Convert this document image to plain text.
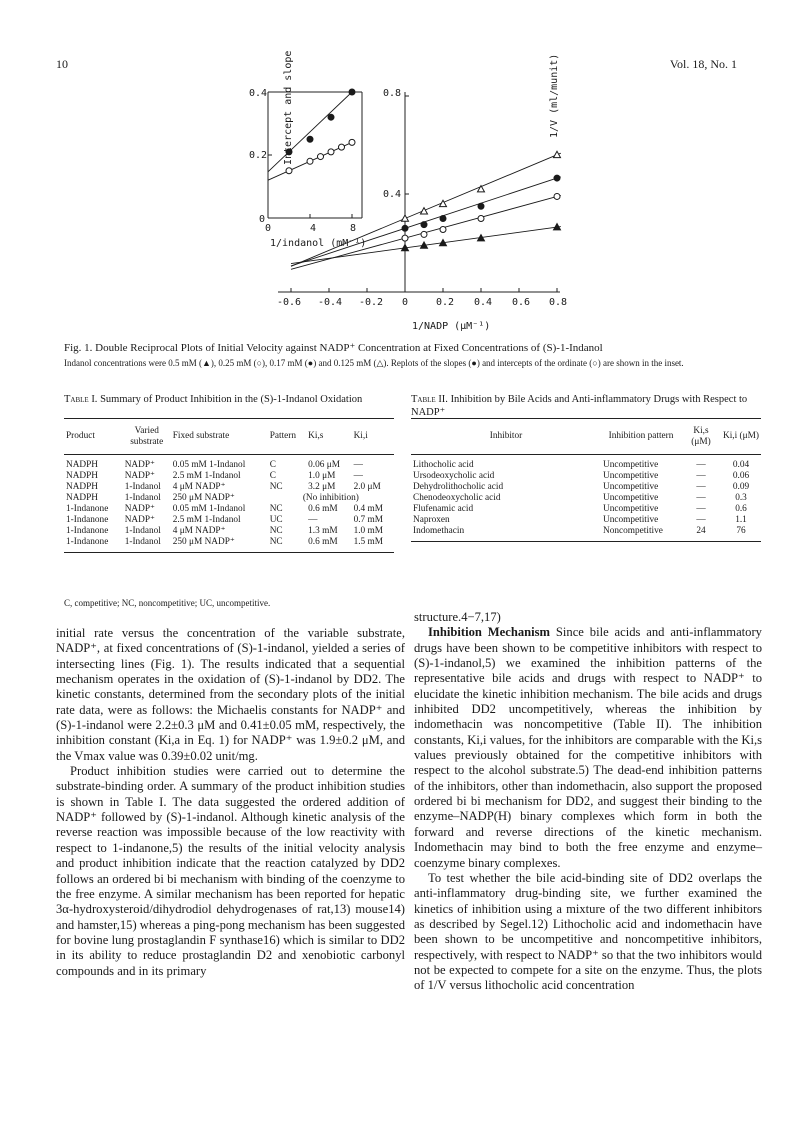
10	Vol. 18, No. 1
Intercept and slope
0.4
0.2
0
0	4	8
1/indanol (mM⁻¹)
1/V (ml/munit)
0.8
0.4
-0.6 -0.4 -0.2 0	0.2 0.4 0.6 0.8
1/NADP (μM⁻¹)
Fig. 1. Double Reciprocal Plots of Initial Velocity against NADP⁺ Concentration at Fixed Concentrations of (S)-1-Indanol
Indanol concentrations were 0.5 mM (▲), 0.25 mM (○), 0.17 mM (●) and 0.125 mM (△). Replots of the slopes (●) and intercepts of the ordinate (○) are shown in the inset.
Table I. Summary of Product Inhibition in the (S)-1-Indanol Oxidation
Product	Varied substrate	Fixed substrate	Pattern	Ki,s	Ki,i
NADPH	NADP⁺	0.05 mM 1-Indanol	C	0.06 μM	—
NADPH	NADP⁺	2.5 mM 1-Indanol	C	1.0 μM	—
NADPH	1-Indanol	4 μM NADP⁺	NC	3.2 μM	2.0 μM
NADPH	1-Indanol	250 μM NADP⁺	(No inhibition)		
1-Indanone	NADP⁺	0.05 mM 1-Indanol	NC	0.6 mM	0.4 mM
1-Indanone	NADP⁺	2.5 mM 1-Indanol	UC	—	0.7 mM
1-Indanone	1-Indanol	4 μM NADP⁺	NC	1.3 mM	1.0 mM
1-Indanone	1-Indanol	250 μM NADP⁺	NC	0.6 mM	1.5 mM
C, competitive; NC, noncompetitive; UC, uncompetitive.
Table II. Inhibition by Bile Acids and Anti-inflammatory Drugs with Respect to NADP⁺
Inhibitor	Inhibition pattern	Ki,s (μM)	Ki,i (μM)
Lithocholic acid	Uncompetitive	—	0.04
Ursodeoxycholic acid	Uncompetitive	—	0.06
Dehydrolithocholic acid	Uncompetitive	—	0.09
Chenodeoxycholic acid	Uncompetitive	—	0.3
Flufenamic acid	Uncompetitive	—	0.6
Naproxen	Uncompetitive	—	1.1
Indomethacin	Noncompetitive	24	76

initial rate versus the concentration of the variable substrate, NADP⁺, at fixed concentrations of (S)-1-indanol, yielded a series of intersecting lines (Fig. 1). The results indicated that a sequential mechanism operates in the oxidation of (S)-1-indanol by DD2. The kinetic constants, determined from the secondary plots of the initial rate data, were as follows: the Michaelis constants for NADP⁺ and (S)-1-indanol were 2.2±0.3 μM and 0.41±0.05 mM, respectively, the inhibition constant (Ki,a in Eq. 1) for NADP⁺ was 1.9±0.2 μM, and the Vmax value was 0.39±0.02 unit/mg.

Product inhibition studies were carried out to determine the substrate-binding order. A summary of the product inhibition studies is shown in Table I. The data suggested the ordered addition of NADP⁺ followed by (S)-1-indanol. Although kinetic analysis of the reverse reaction was impossible because of the low reactivity with respect to 1-indanone,5) the results of the initial velocity analysis and product inhibition indicate that the reaction catalyzed by DD2 follows an ordered bi bi mechanism with binding of the coenzyme to the free enzyme. A similar mechanism has been reported for hepatic 3α-hydroxysteroid/dihydrodiol dehydrogenases of rat,13) mouse14) and hamster,15) whereas a ping-pong mechanism has been suggested for bovine lung prostaglandin F synthase16) which is similar to DD2 in its ability to reduce prostaglandin D2 and xenobiotic carbonyl compounds and in its primary

structure.4−7,17)

Inhibition Mechanism Since bile acids and anti-inflammatory drugs have been shown to be competitive inhibitors with respect to (S)-1-indanol,5) we examined the inhibition patterns of the representative bile acids and drugs with respect to NADP⁺ to elucidate the kinetic inhibition mechanism. The bile acids and drugs inhibited DD2 uncompetitively, whereas the inhibition by indomethacin was noncompetitive (Table II). The inhibition constants, Ki,i values, for the inhibitors are comparable with the Ki,s values previously obtained for the competitive inhibitors with respect to the alcohol substrate.5) The dead-end inhibition patterns of the inhibitors, other than indomethacin, also support the proposed ordered bi bi mechanism for DD2, and suggest their binding to the enzyme–NADP(H) binary complexes which form in both the forward and reverse directions of the kinetic mechanism. Indomethacin may bind to both the free enzyme and enzyme–coenzyme binary complexes.

To test whether the bile acid-binding site of DD2 overlaps the anti-inflammatory drug-binding site, we further examined the kinetics of inhibition using a mixture of the two different inhibitors as described by Segel.12) Lithocholic acid and indomethacin have been shown to be uncompetitive and noncompetitive inhibitors, respectively, with respect to NADP⁺ so that the two inhibitors would not be expected to compete for a site on the enzyme. Thus, the plots of 1/V versus lithocholic acid concentration
